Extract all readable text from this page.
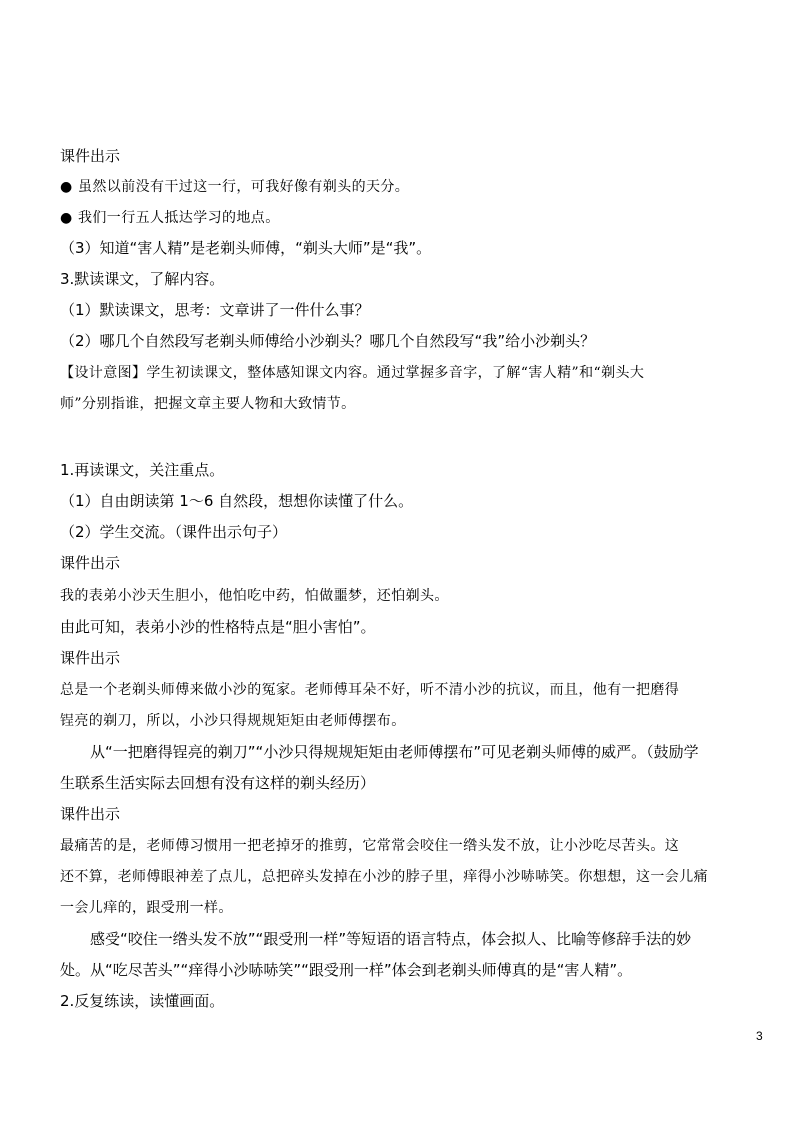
课件出示

● 虽然以前没有干过这一行，可我好像有剃头的天分。

● 我们一行五人抵达学习的地点。

（3）知道“害人精”是老剃头师傅，“剃头大师”是“我”。

3.默读课文，了解内容。

（1）默读课文，思考：文章讲了一件什么事？

（2）哪几个自然段写老剃头师傅给小沙剃头？哪几个自然段写“我”给小沙剃头？

【设计意图】学生初读课文，整体感知课文内容。通过掌握多音字，了解“害人精”和“剃头大

师”分别指谁，把握文章主要人物和大致情节。

1.再读课文，关注重点。

（1）自由朗读第 1～6 自然段，想想你读懂了什么。

（2）学生交流。（课件出示句子）

课件出示

我的表弟小沙天生胆小，他怕吃中药，怕做噩梦，还怕剃头。

由此可知，表弟小沙的性格特点是“胆小害怕”。

课件出示

总是一个老剃头师傅来做小沙的冤家。老师傅耳朵不好，听不清小沙的抗议，而且，他有一把磨得

锃亮的剃刀，所以，小沙只得规规矩矩由老师傅摆布。

从“一把磨得锃亮的剃刀”“小沙只得规规矩矩由老师傅摆布”可见老剃头师傅的威严。（鼓励学

生联系生活实际去回想有没有这样的剃头经历）

课件出示

最痛苦的是，老师傅习惯用一把老掉牙的推剪，它常常会咬住一绺头发不放，让小沙吃尽苦头。这

还不算，老师傅眼神差了点儿，总把碎头发掉在小沙的脖子里，痒得小沙哧哧笑。你想想，这一会儿痛

一会儿痒的，跟受刑一样。

感受“咬住一绺头发不放”“跟受刑一样”等短语的语言特点，体会拟人、比喻等修辞手法的妙

处。从“吃尽苦头”“痒得小沙哧哧笑”“跟受刑一样”体会到老剃头师傅真的是“害人精”。

2.反复练读，读懂画面。

3
